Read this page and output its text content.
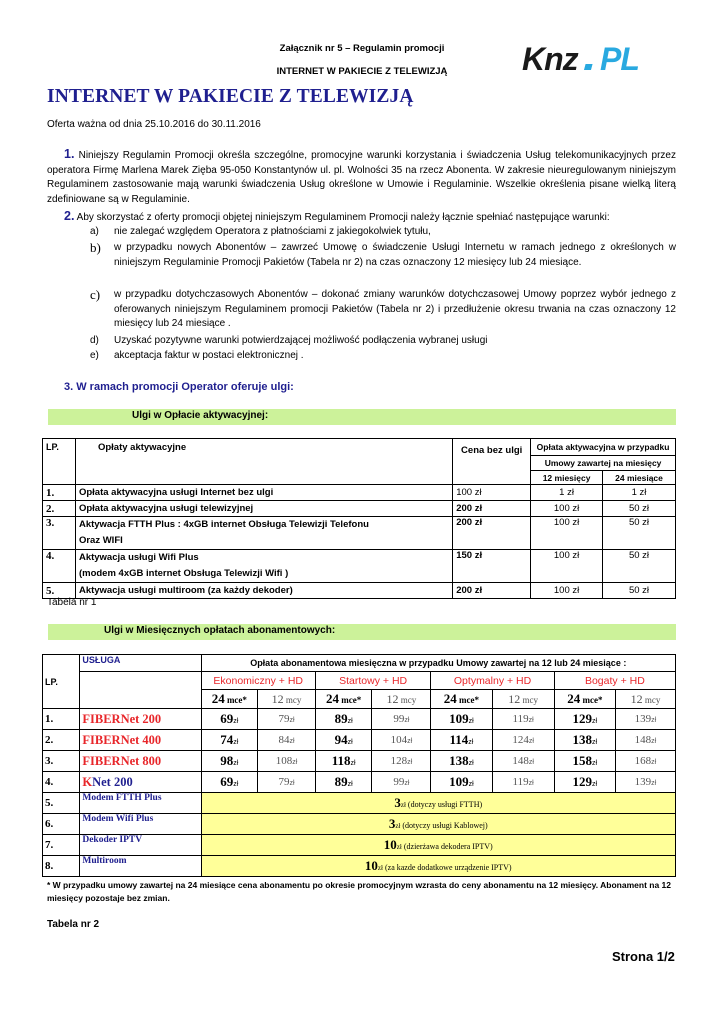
Załącznik nr 5 – Regulamin promocji
INTERNET W PAKIECIE Z TELEWIZJĄ	Knz PL
INTERNET W PAKIECIE Z TELEWIZJĄ
Oferta ważna od dnia 25.10.2016 do 30.11.2016
1. Niniejszy Regulamin Promocji określa szczególne, promocyjne warunki korzystania i świadczenia Usług telekomunikacyjnych przez operatora Firmę Marlena Marek Zięba 95-050 Konstantynów ul. pl. Wolności 35 na rzecz Abonenta. W zakresie nieuregulowanym niniejszym Regulaminem zastosowanie mają warunki świadczenia Usług określone w Umowie i Regulaminie. Wszelkie określenia pisane wielką literą zdefiniowane są w Regulaminie.
2. Aby skorzystać z oferty promocji objętej niniejszym Regulaminem Promocji należy łącznie spełniać następujące warunki:
a) nie zalegać względem Operatora z płatnościami z jakiegokolwiek tytułu,
b) w przypadku nowych Abonentów – zawrzeć Umowę o świadczenie Usługi Internetu w ramach jednego z określonych w niniejszym Regulaminie Promocji Pakietów (Tabela nr 2) na czas oznaczony 12 miesięcy lub 24 miesiące.
c) w przypadku dotychczasowych Abonentów – dokonać zmiany warunków dotychczasowej Umowy poprzez wybór jednego z oferowanych niniejszym Regulaminem promocji Pakietów (Tabela nr 2) i przedłużenie okresu trwania na czas oznaczony 12 miesięcy lub 24 miesiące .
d) Uzyskać pozytywne warunki potwierdzającej możliwość podłączenia wybranej usługi
e) akceptacja faktur w postaci elektronicznej .
3. W ramach promocji Operator oferuje ulgi:
Ulgi w Opłacie aktywacyjnej:
LP.	Opłaty aktywacyjne	Cena bez ulgi	Opłata aktywacyjna w przypadku	
			Umowy zawartej na miesięcy	
			12 miesięcy	24 miesiące
1.	Opłata aktywacyjna usługi Internet bez ulgi	100 zł	1 zł	1 zł
2.	Opłata aktywacyjna usługi telewizyjnej	200 zł	100 zł	50 zł
3.	Aktywacja FTTH Plus : 4xGB internet Obsługa Telewizji Telefonu
Oraz WIFI	200 zł	100 zł	50 zł
4.	Aktywacja usługi Wifi Plus
(modem 4xGB internet Obsługa Telewizji Wifi )	150 zł	100 zł	50 zł
5.	Aktywacja usługi multiroom (za każdy dekoder)	200 zł	100 zł	50 zł
Tabela nr 1
Ulgi w Miesięcznych opłatach abonamentowych:
LP.	USŁUGA	Opłata abonamentowa miesięczna w przypadku Umowy zawartej na 12 lub 24 miesiące :							
		Ekonomiczny + HD		Startowy + HD		Optymalny + HD		Bogaty + HD	
		24 mce*	12 mcy	24 mce*	12 mcy	24 mce*	12 mcy	24 mce*	12 mcy
1.	FIBERNet 200	69zł	79zł	89zł	99zł	109zł	119zł	129zł	139zł
2.	FIBERNet 400	74zł	84zł	94zł	104zł	114zł	124zł	138zł	148zł
3.	FIBERNet 800	98zł	108zł	118zł	128zł	138zł	148zł	158zł	168zł
4.	KNet 200	69zł	79zł	89zł	99zł	109zł	119zł	129zł	139zł
5.	Modem FTTH Plus	3zł (dotyczy usługi FTTH)							
6.	Modem Wifi Plus	3zł (dotyczy usługi Kablowej)							
7.	Dekoder IPTV	10zł (dzierżawa dekodera IPTV)							
8.	Multiroom	10zł (za kazde dodatkowe urządzenie IPTV)							
* W przypadku umowy zawartej na 24 miesiące cena abonamentu po okresie promocyjnym wzrasta do ceny abonamentu na 12 miesięcy. Abonament na 12 miesięcy pozostaje bez zmian.
Tabela nr 2
Strona 1/2
